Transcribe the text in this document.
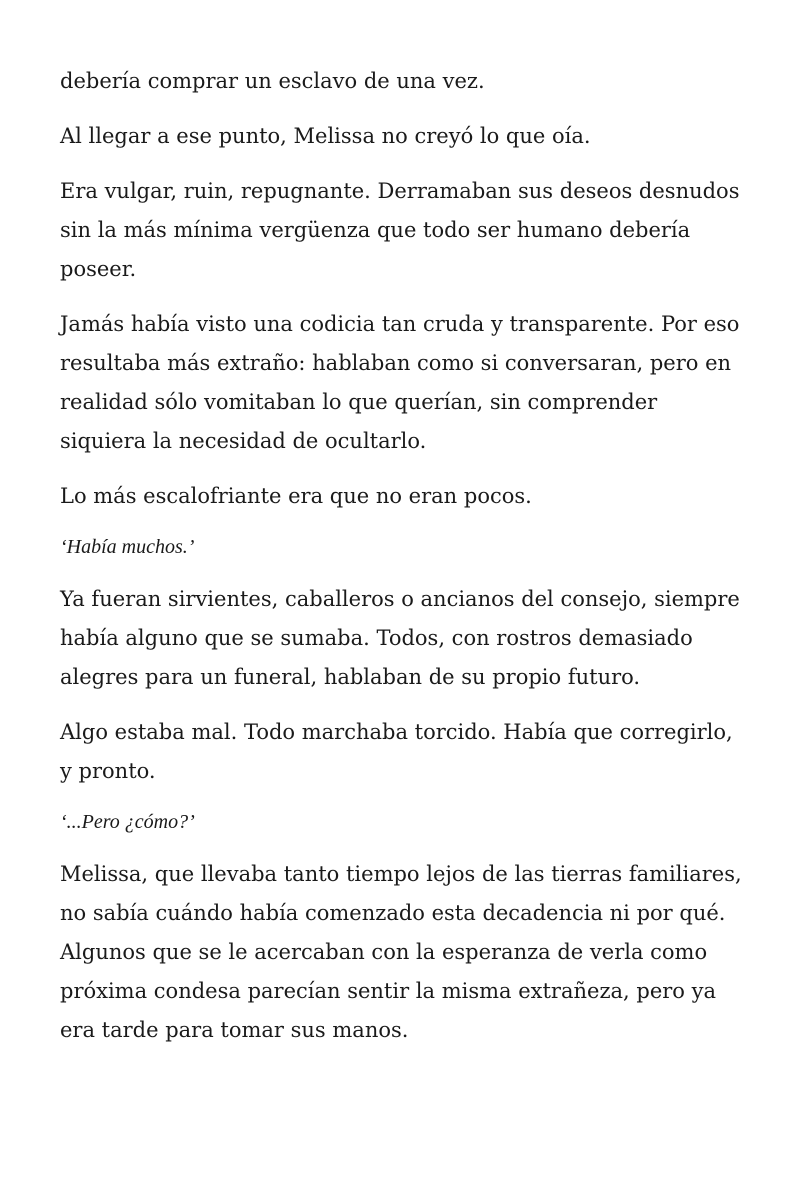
debería comprar un esclavo de una vez.

Al llegar a ese punto, Melissa no creyó lo que oía.

Era vulgar, ruin, repugnante. Derramaban sus deseos desnudos sin la más mínima vergüenza que todo ser humano debería poseer.

Jamás había visto una codicia tan cruda y transparente. Por eso resultaba más extraño: hablaban como si conversaran, pero en realidad sólo vomitaban lo que querían, sin comprender siquiera la necesidad de ocultarlo.

Lo más escalofriante era que no eran pocos.

‘Había muchos.’

Ya fueran sirvientes, caballeros o ancianos del consejo, siempre había alguno que se sumaba. Todos, con rostros demasiado alegres para un funeral, hablaban de su propio futuro.

Algo estaba mal. Todo marchaba torcido. Había que corregirlo, y pronto.

‘...Pero ¿cómo?’

Melissa, que llevaba tanto tiempo lejos de las tierras familiares, no sabía cuándo había comenzado esta decadencia ni por qué. Algunos que se le acercaban con la esperanza de verla como próxima condesa parecían sentir la misma extrañeza, pero ya era tarde para tomar sus manos.
